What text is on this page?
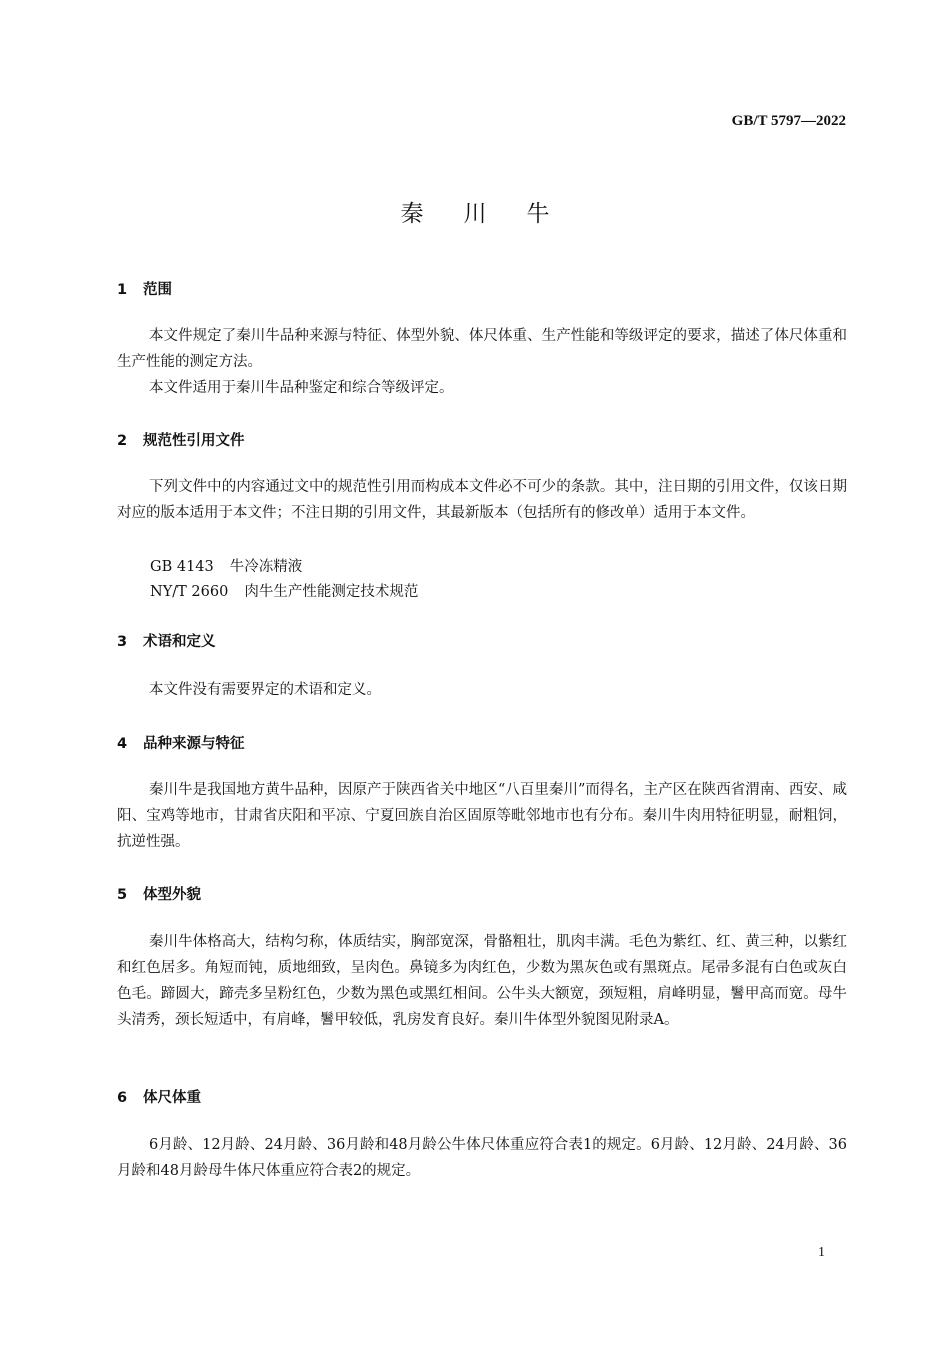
GB/T 5797—2022
秦川牛
1 范围

本文件规定了秦川牛品种来源与特征、体型外貌、体尺体重、生产性能和等级评定的要求，描述了体尺体重和生产性能的测定方法。

本文件适用于秦川牛品种鉴定和综合等级评定。

2 规范性引用文件

下列文件中的内容通过文中的规范性引用而构成本文件必不可少的条款。其中，注日期的引用文件，仅该日期对应的版本适用于本文件；不注日期的引用文件，其最新版本（包括所有的修改单）适用于本文件。

GB 4143 牛冷冻精液
NY/T 2660 肉牛生产性能测定技术规范
3 术语和定义

本文件没有需要界定的术语和定义。

4 品种来源与特征

秦川牛是我国地方黄牛品种，因原产于陕西省关中地区“八百里秦川”而得名，主产区在陕西省渭南、西安、咸阳、宝鸡等地市，甘肃省庆阳和平凉、宁夏回族自治区固原等毗邻地市也有分布。秦川牛肉用特征明显，耐粗饲，抗逆性强。

5 体型外貌

秦川牛体格高大，结构匀称，体质结实，胸部宽深，骨骼粗壮，肌肉丰满。毛色为紫红、红、黄三种，以紫红和红色居多。角短而钝，质地细致，呈肉色。鼻镜多为肉红色，少数为黑灰色或有黑斑点。尾帚多混有白色或灰白色毛。蹄圆大，蹄壳多呈粉红色，少数为黑色或黑红相间。公牛头大额宽，颈短粗，肩峰明显，鬐甲高而宽。母牛头清秀，颈长短适中，有肩峰，鬐甲较低，乳房发育良好。秦川牛体型外貌图见附录A。

6 体尺体重

6月龄、12月龄、24月龄、36月龄和48月龄公牛体尺体重应符合表1的规定。6月龄、12月龄、24月龄、36月龄和48月龄母牛体尺体重应符合表2的规定。

1
